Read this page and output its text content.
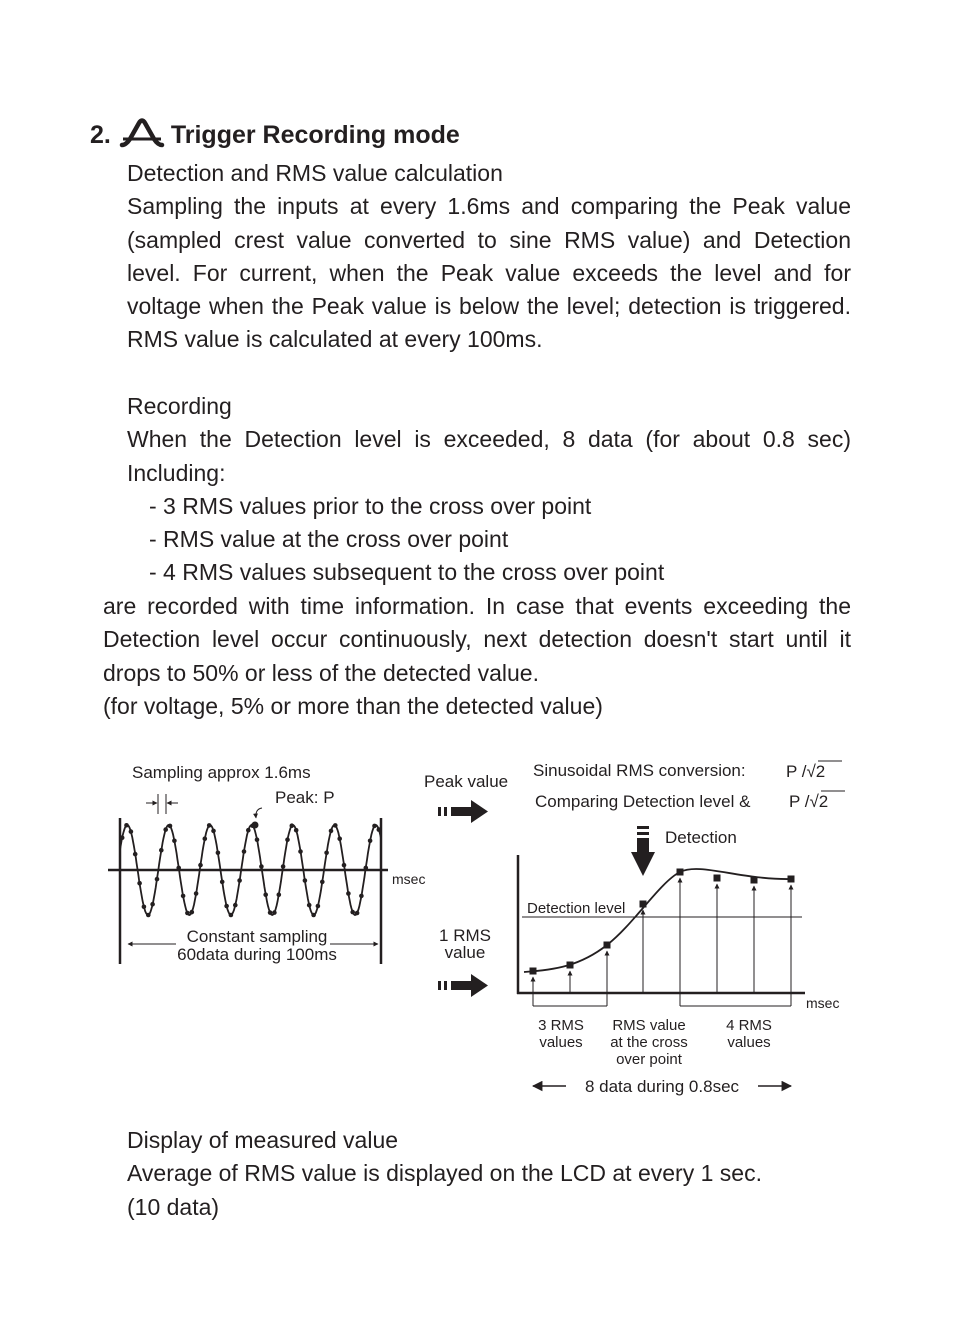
2. Trigger Recording mode
Detection and RMS value calculation
Sampling the inputs at every 1.6ms and comparing the Peak value (sampled crest value converted to sine RMS value) and Detection level. For current, when the Peak value exceeds the level and for voltage when the Peak value is below the level; detection is triggered. RMS value is calculated at every 100ms.
Recording
When the Detection level is exceeded, 8 data (for about 0.8 sec) Including:
- 3 RMS values prior to the cross over point
- RMS value at the cross over point
- 4 RMS values subsequent to the cross over point
are recorded with time information. In case that events exceeding the Detection level occur continuously, next detection doesn't start until it drops to 50% or less of the detected value.
(for voltage, 5% or more than the detected value)
Sampling approx 1.6ms
Peak: P
msec
Constant sampling
60data during 100ms
Peak value
1 RMS
value
Sinusoidal RMS conversion: P /√2
Comparing Detection level & P /√2
Detection
msec
Detection level
3 RMS
values
RMS value
at the cross
over point
4 RMS
values
8 data during 0.8sec
Display of measured value
Average of RMS value is displayed on the LCD at every 1 sec.
(10 data)
